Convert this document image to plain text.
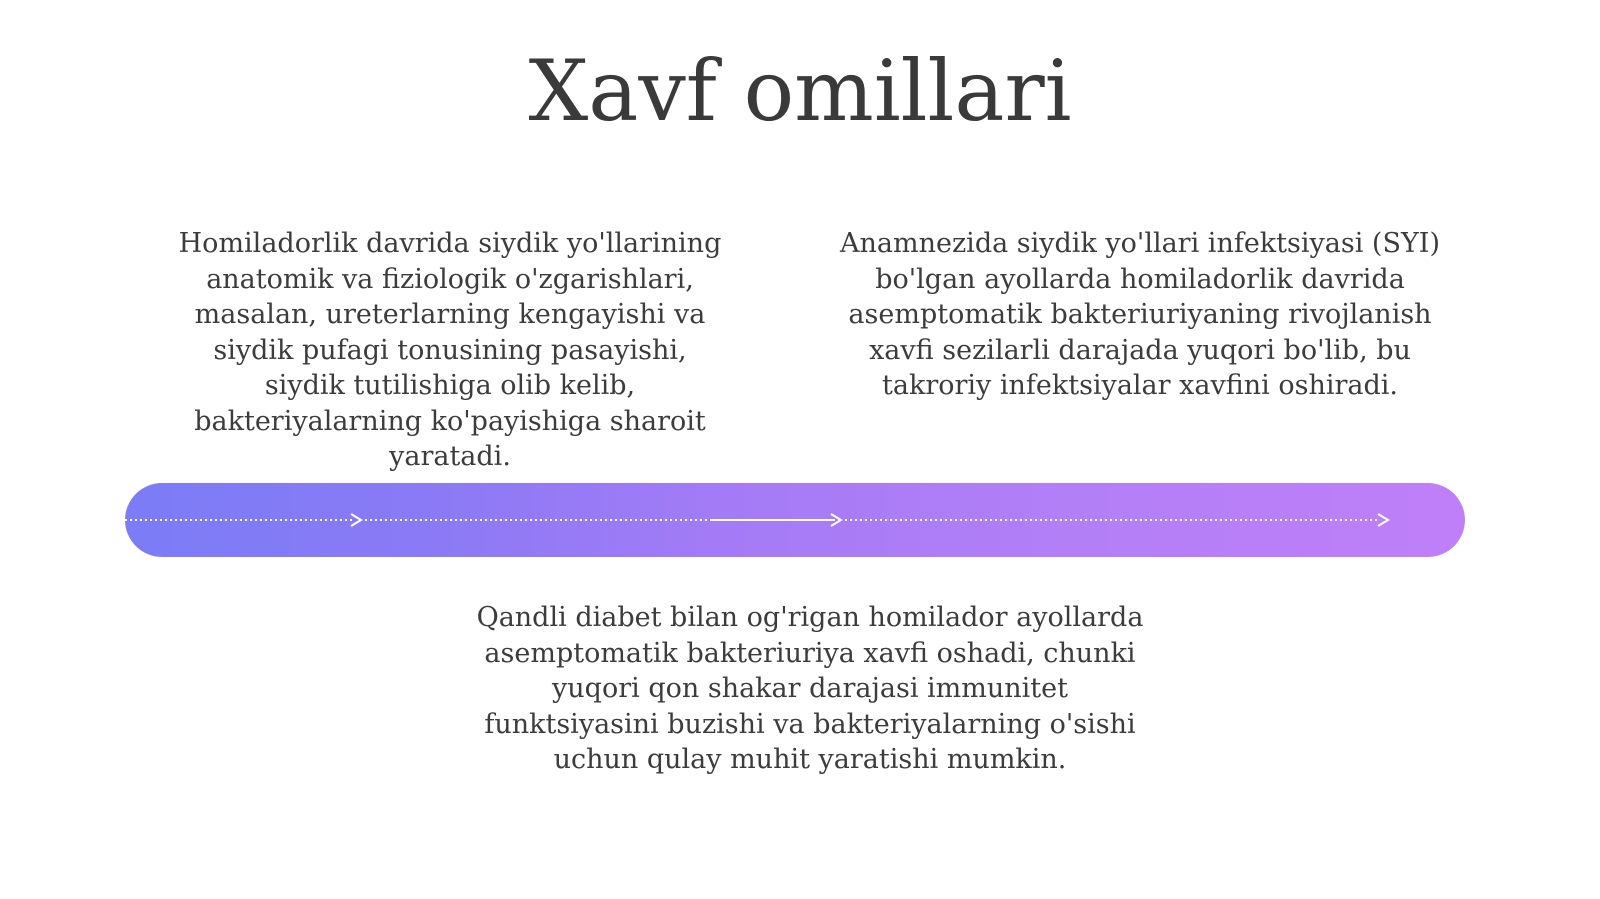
Xavf omillari
Homiladorlik davrida siydik yo'llarining
anatomik va fiziologik o'zgarishlari,
masalan, ureterlarning kengayishi va
siydik pufagi tonusining pasayishi,
siydik tutilishiga olib kelib,
bakteriyalarning ko'payishiga sharoit
yaratadi.
Anamnezida siydik yo'llari infektsiyasi (SYI)
bo'lgan ayollarda homiladorlik davrida
asemptomatik bakteriuriyaning rivojlanish
xavfi sezilarli darajada yuqori bo'lib, bu
takroriy infektsiyalar xavfini oshiradi.
Qandli diabet bilan og'rigan homilador ayollarda
asemptomatik bakteriuriya xavfi oshadi, chunki
yuqori qon shakar darajasi immunitet
funktsiyasini buzishi va bakteriyalarning o'sishi
uchun qulay muhit yaratishi mumkin.
